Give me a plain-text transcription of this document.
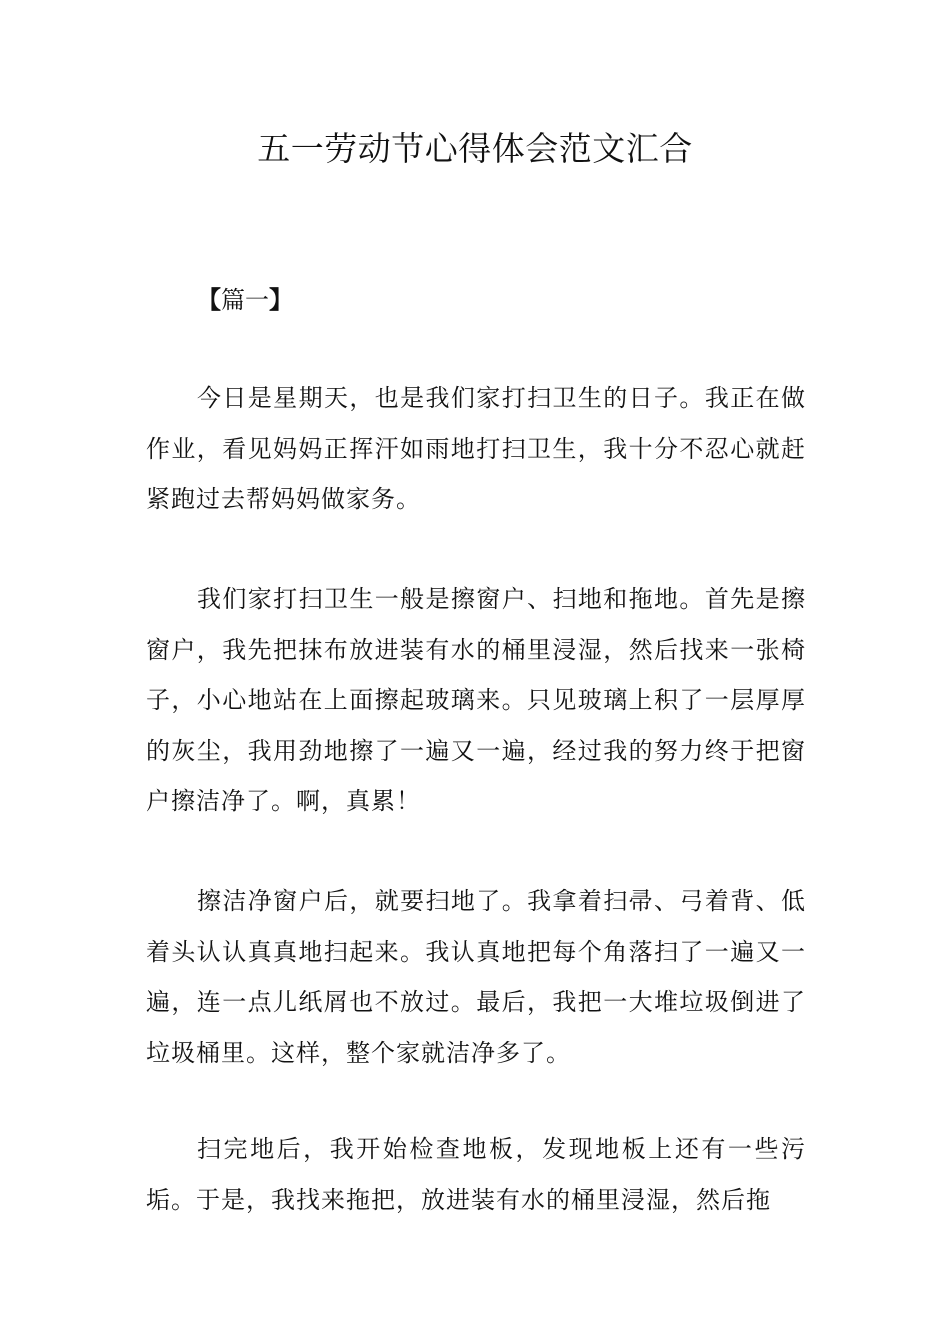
五一劳动节心得体会范文汇合
【篇一】

今日是星期天，也是我们家打扫卫生的日子。我正在做作业，看见妈妈正挥汗如雨地打扫卫生，我十分不忍心就赶紧跑过去帮妈妈做家务。

我们家打扫卫生一般是擦窗户、扫地和拖地。首先是擦窗户，我先把抹布放进装有水的桶里浸湿，然后找来一张椅子，小心地站在上面擦起玻璃来。只见玻璃上积了一层厚厚的灰尘，我用劲地擦了一遍又一遍，经过我的努力终于把窗户擦洁净了。啊，真累！

擦洁净窗户后，就要扫地了。我拿着扫帚、弓着背、低着头认认真真地扫起来。我认真地把每个角落扫了一遍又一遍，连一点儿纸屑也不放过。最后，我把一大堆垃圾倒进了垃圾桶里。这样，整个家就洁净多了。

扫完地后，我开始检查地板，发现地板上还有一些污垢。于是，我找来拖把，放进装有水的桶里浸湿，然后拖
